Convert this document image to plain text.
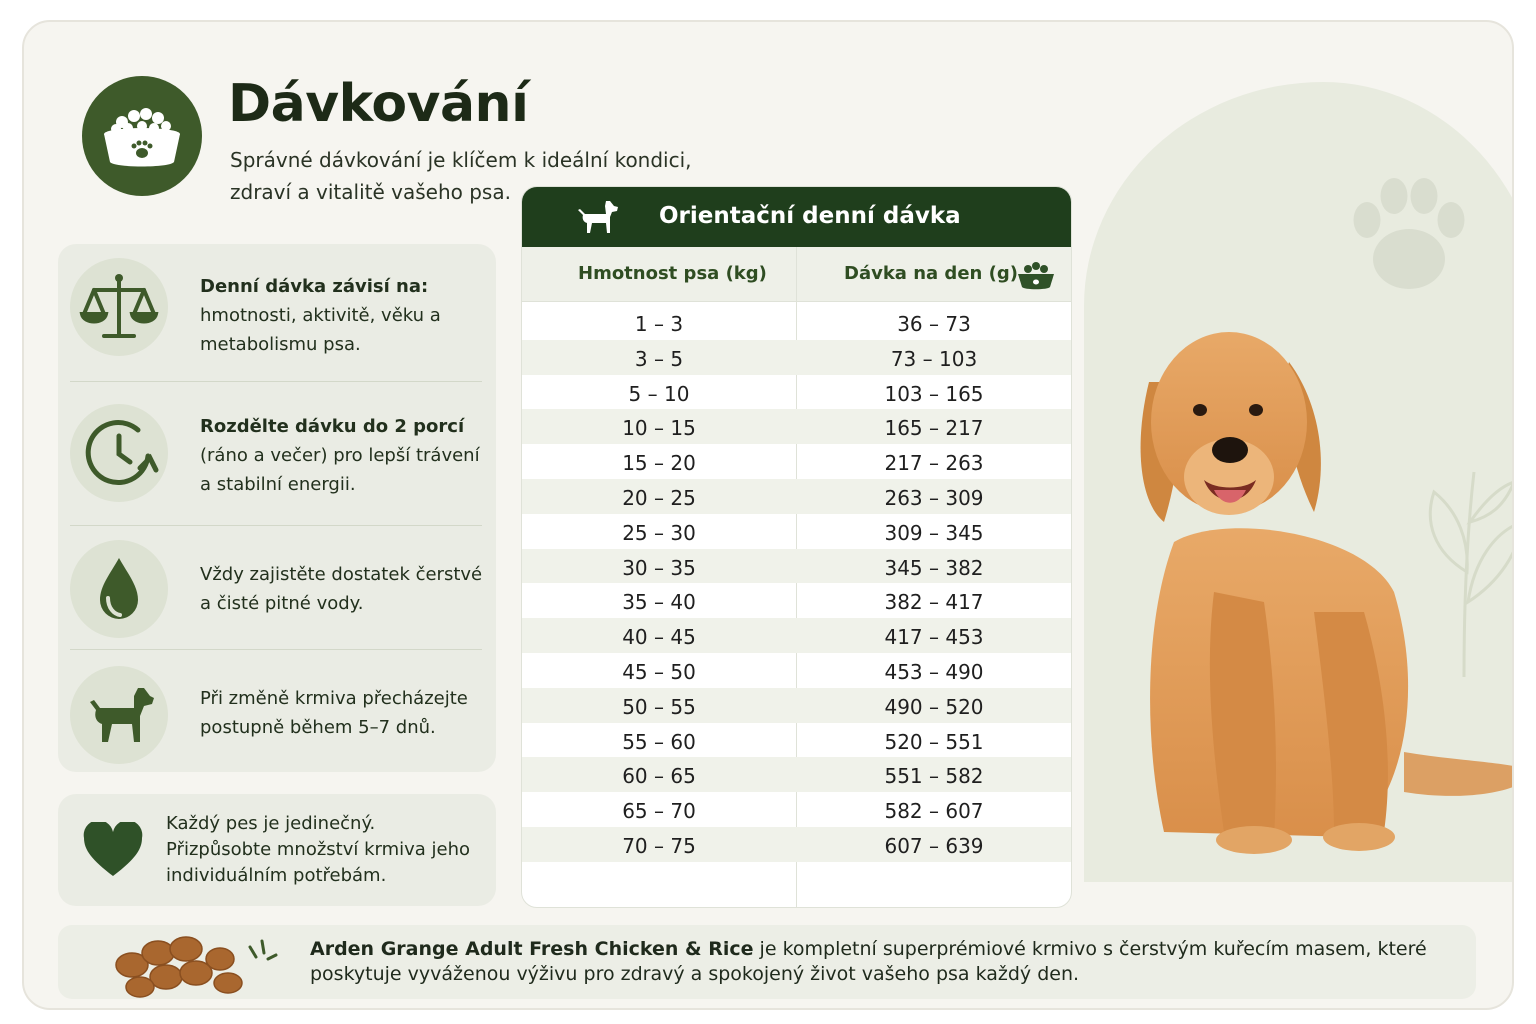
Dávkování
Správné dávkování je klíčem k ideální kondici, zdraví a vitalitě vašeho psa.
Denní dávka závisí na:
hmotnosti, aktivitě, věku a metabolismu psa.
Rozdělte dávku do 2 porcí
(ráno a večer) pro lepší trávení a stabilní energii.
Vždy zajistěte dostatek čerstvé a čisté pitné vody.
Při změně krmiva přecházejte postupně během 5–7 dnů.
Každý pes je jedinečný. Přizpůsobte množství krmiva jeho individuálním potřebám.
Orientační denní dávka
Hmotnost psa (kg)	Dávka na den (g)
1 – 3	36 – 73
3 – 5	73 – 103
5 – 10	103 – 165
10 – 15	165 – 217
15 – 20	217 – 263
20 – 25	263 – 309
25 – 30	309 – 345
30 – 35	345 – 382
35 – 40	382 – 417
40 – 45	417 – 453
45 – 50	453 – 490
50 – 55	490 – 520
55 – 60	520 – 551
60 – 65	551 – 582
65 – 70	582 – 607
70 – 75	607 – 639
Arden Grange Adult Fresh Chicken & Rice je kompletní superprémiové krmivo s čerstvým kuřecím masem, které poskytuje vyváženou výživu pro zdravý a spokojený život vašeho psa každý den.
